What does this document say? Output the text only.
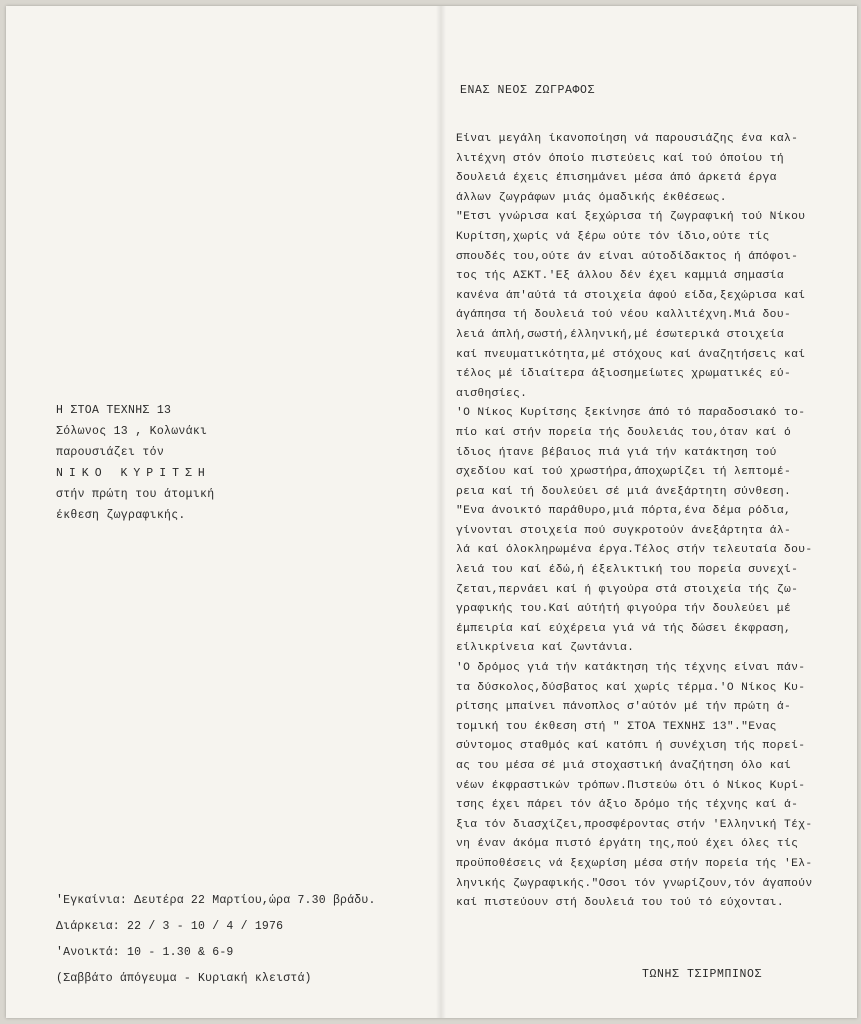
Η ΣΤΟΑ ΤΕΧΝΗΣ 13
Σόλωνος 13 , Κολωνάκι
παρουσιάζει τόν
ΝΙΚΟ ΚΥΡΙΤΣΗ
στήν πρώτη του άτομική
έκθεση ζωγραφικής.
'Εγκαίνια: Δευτέρα 22 Μαρτίου,ώρα 7.30 βράδυ.
Διάρκεια: 22 / 3 - 10 / 4 / 1976
'Ανοικτά: 10 - 1.30 & 6-9
(Σαββάτο άπόγευμα - Κυριακή κλειστά)
ΕΝΑΣ ΝΕΟΣ ΖΩΓΡΑΦΟΣ
Είναι μεγάλη ίκανοποίηση νά παρουσιάζης ένα καλ-
λιτέχνη στόν όποίο πιστεύεις καί τού όποίου τή
δουλειά έχεις έπισημάνει μέσα άπό άρκετά έργα
άλλων ζωγράφων μιάς όμαδικής έκθέσεως.
"Ετσι γνώρισα καί ξεχώρισα τή ζωγραφική τού Νίκου
Κυρίτση,χωρίς νά ξέρω ούτε τόν ίδιο,ούτε τίς
σπουδές του,ούτε άν είναι αύτοδίδακτος ή άπόφοι-
τος τής ΑΣΚΤ.'Εξ άλλου δέν έχει καμμιά σημασία
κανένα άπ'αύτά τά στοιχεία άφού είδα,ξεχώρισα καί
άγάπησα τή δουλειά τού νέου καλλιτέχνη.Μιά δου-
λειά άπλή,σωστή,έλληνική,μέ έσωτερικά στοιχεία
καί πνευματικότητα,μέ στόχους καί άναζητήσεις καί
τέλος μέ ίδιαίτερα άξιοσημείωτες χρωματικές εύ-
αισθησίες.
'Ο Νίκος Κυρίτσης ξεκίνησε άπό τό παραδοσιακό το-
πίο καί στήν πορεία τής δουλειάς του,όταν καί ό
ίδιος ήτανε βέβαιος πιά γιά τήν κατάκτηση τού
σχεδίου καί τού χρωστήρα,άποχωρίζει τή λεπτομέ-
ρεια καί τή δουλεύει σέ μιά άνεξάρτητη σύνθεση.
"Ενα άνοικτό παράθυρο,μιά πόρτα,ένα δέμα ρόδια,
γίνονται στοιχεία πού συγκροτούν άνεξάρτητα άλ-
λά καί όλοκληρωμένα έργα.Τέλος στήν τελευταία δου-
λειά του καί έδώ,ή έξελικτική του πορεία συνεχί-
ζεται,περνάει καί ή φιγούρα στά στοιχεία τής ζω-
γραφικής του.Καί αύτήτή φιγούρα τήν δουλεύει μέ
έμπειρία καί εύχέρεια γιά νά τής δώσει έκφραση,
είλικρίνεια καί ζωντάνια.
'Ο δρόμος γιά τήν κατάκτηση τής τέχνης είναι πάν-
τα δύσκολος,δύσβατος καί χωρίς τέρμα.'Ο Νίκος Κυ-
ρίτσης μπαίνει πάνοπλος σ'αύτόν μέ τήν πρώτη ά-
τομική του έκθεση στή " ΣΤΟΑ ΤΕΧΝΗΣ 13"."Ενας
σύντομος σταθμός καί κατόπι ή συνέχιση τής πορεί-
ας του μέσα σέ μιά στοχαστική άναζήτηση όλο καί
νέων έκφραστικών τρόπων.Πιστεύω ότι ό Νίκος Κυρί-
τσης έχει πάρει τόν άξιο δρόμο τής τέχνης καί ά-
ξια τόν διασχίζει,προσφέροντας στήν 'Ελληνική Τέχ-
νη έναν άκόμα πιστό έργάτη της,πού έχει όλες τίς
προϋποθέσεις νά ξεχωρίση μέσα στήν πορεία τής 'Ελ-
ληνικής ζωγραφικής."Οσοι τόν γνωρίζουν,τόν άγαπούν
καί πιστεύουν στή δουλειά του τού τό εύχονται.
ΤΩΝΗΣ ΤΣΙΡΜΠΙΝΟΣ
